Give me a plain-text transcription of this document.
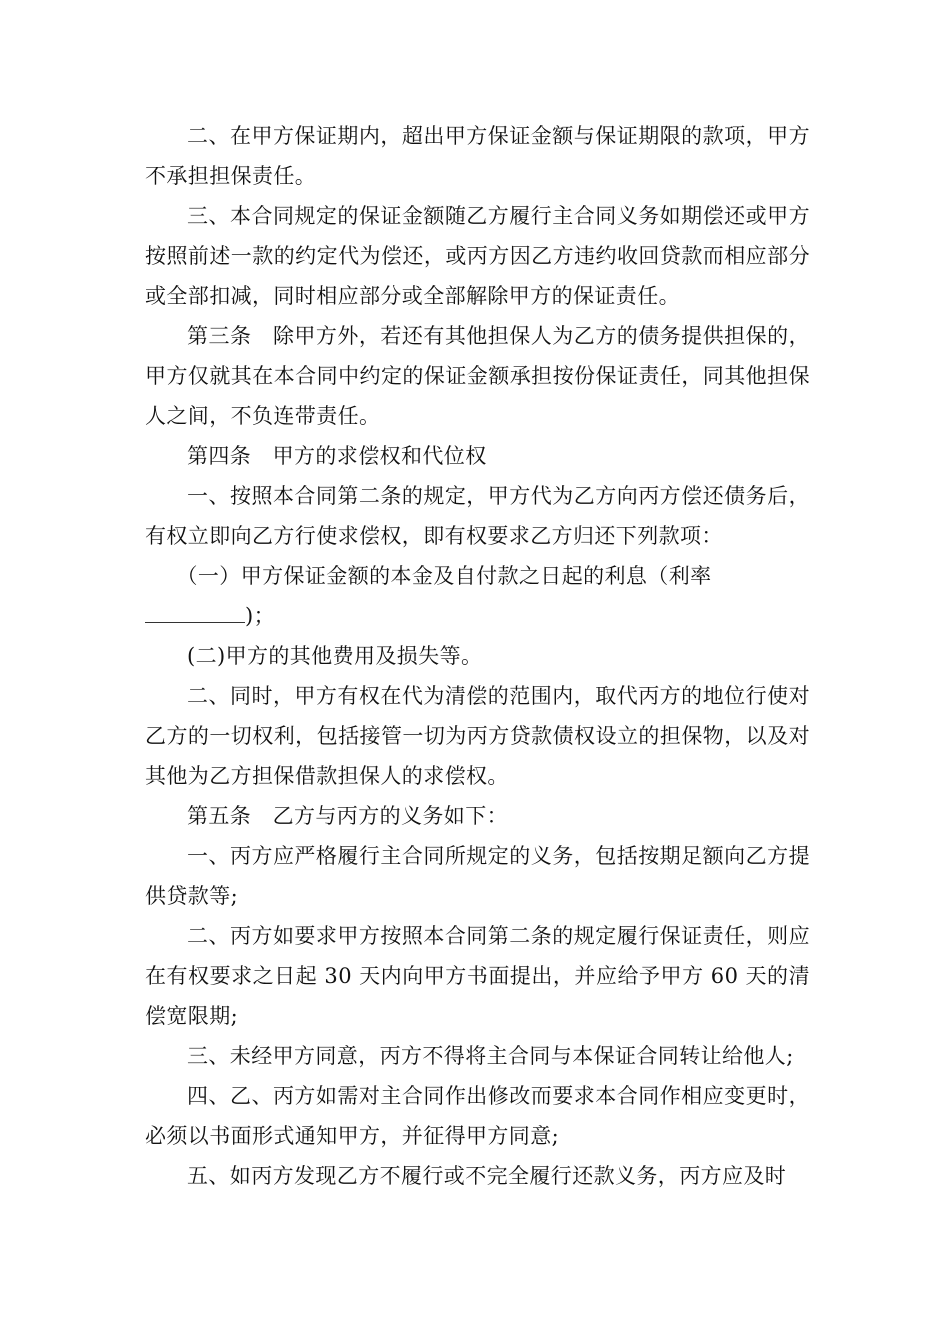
二、在甲方保证期内，超出甲方保证金额与保证期限的款项，甲方不承担担保责任。

三、本合同规定的保证金额随乙方履行主合同义务如期偿还或甲方按照前述一款的约定代为偿还，或丙方因乙方违约收回贷款而相应部分或全部扣减，同时相应部分或全部解除甲方的保证责任。

第三条　除甲方外，若还有其他担保人为乙方的债务提供担保的，甲方仅就其在本合同中约定的保证金额承担按份保证责任，同其他担保人之间，不负连带责任。

第四条　甲方的求偿权和代位权

一、按照本合同第二条的规定，甲方代为乙方向丙方偿还债务后，有权立即向乙方行使求偿权，即有权要求乙方归还下列款项：

（一）甲方保证金额的本金及自付款之日起的利息（利率
)；

(二)甲方的其他费用及损失等。

二、同时，甲方有权在代为清偿的范围内，取代丙方的地位行使对乙方的一切权利，包括接管一切为丙方贷款债权设立的担保物，以及对其他为乙方担保借款担保人的求偿权。

第五条　乙方与丙方的义务如下：

一、丙方应严格履行主合同所规定的义务，包括按期足额向乙方提供贷款等;

二、丙方如要求甲方按照本合同第二条的规定履行保证责任，则应在有权要求之日起 30 天内向甲方书面提出，并应给予甲方 60 天的清偿宽限期;

三、未经甲方同意，丙方不得将主合同与本保证合同转让给他人;

四、乙、丙方如需对主合同作出修改而要求本合同作相应变更时，必须以书面形式通知甲方，并征得甲方同意;

五、如丙方发现乙方不履行或不完全履行还款义务，丙方应及时
